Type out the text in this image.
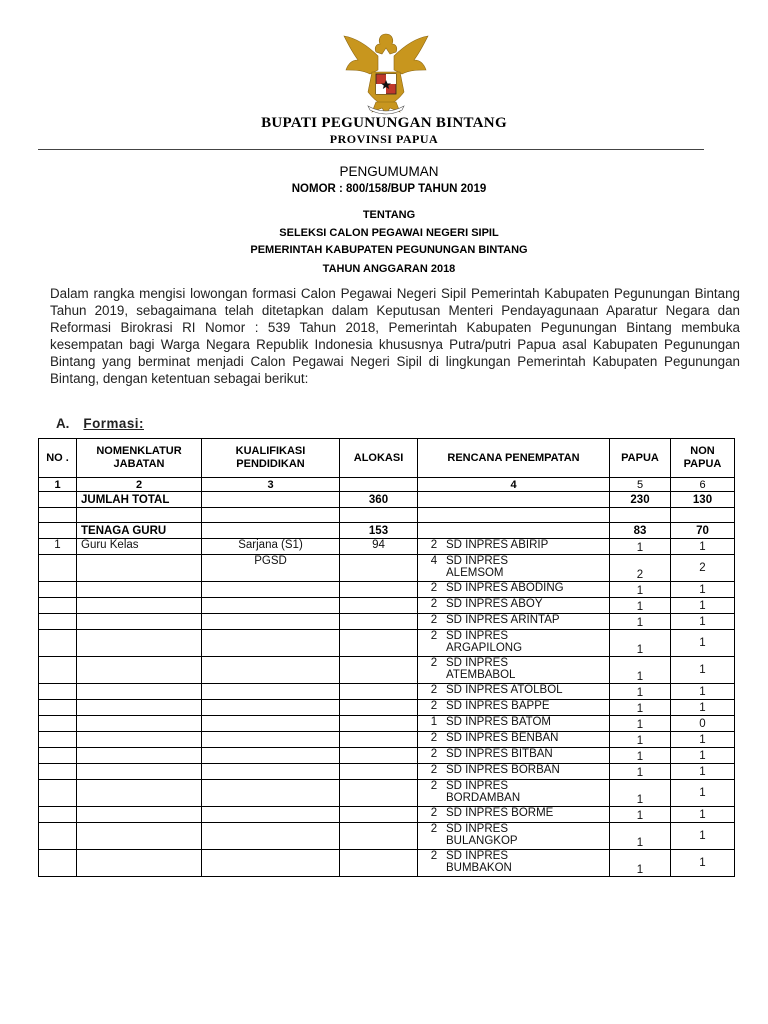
BUPATI PEGUNUNGAN BINTANG
PROVINSI PAPUA
PENGUMUMAN
NOMOR : 800/158/BUP TAHUN 2019
TENTANG
SELEKSI CALON PEGAWAI NEGERI SIPIL
PEMERINTAH KABUPATEN PEGUNUNGAN BINTANG
TAHUN ANGGARAN 2018
Dalam rangka mengisi lowongan formasi Calon Pegawai Negeri Sipil Pemerintah Kabupaten Pegunungan Bintang Tahun 2019, sebagaimana telah ditetapkan dalam Keputusan Menteri Pendayagunaan Aparatur Negara dan Reformasi Birokrasi RI Nomor : 539 Tahun 2018, Pemerintah Kabupaten Pegunungan Bintang membuka kesempatan bagi Warga Negara Republik Indonesia khususnya Putra/putri Papua asal Kabupaten Pegunungan Bintang yang berminat menjadi Calon Pegawai Negeri Sipil di lingkungan Pemerintah Kabupaten Pegunungan Bintang, dengan ketentuan sebagai berikut:
A. Formasi:
NO .	NOMENKLATUR JABATAN	KUALIFIKASI PENDIDIKAN	ALOKASI	RENCANA PENEMPATAN	PAPUA	NON PAPUA
1	2	3		4	5	6
	JUMLAH TOTAL		360		230	130

	TENAGA GURU		153		83	70
1	Guru Kelas	Sarjana (S1)	94	2 SD INPRES ABIRIP	1	1
		PGSD		4 SD INPRES ALEMSOM	2	2

				2 SD INPRES ABODING	1	1

				2 SD INPRES ABOY	1	1

				2 SD INPRES ARINTAP	1	1

				2 SD INPRES ARGAPILONG	1	1

				2 SD INPRES ATEMBABOL	1	1

				2 SD INPRES ATOLBOL	1	1

				2 SD INPRES BAPPE	1	1

				1 SD INPRES BATOM	1	0

				2 SD INPRES BENBAN	1	1

				2 SD INPRES BITBAN	1	1

				2 SD INPRES BORBAN	1	1

				2 SD INPRES BORDAMBAN	1	1

				2 SD INPRES BORME	1	1

				2 SD INPRES BULANGKOP	1	1

				2 SD INPRES BUMBAKON	1	1
